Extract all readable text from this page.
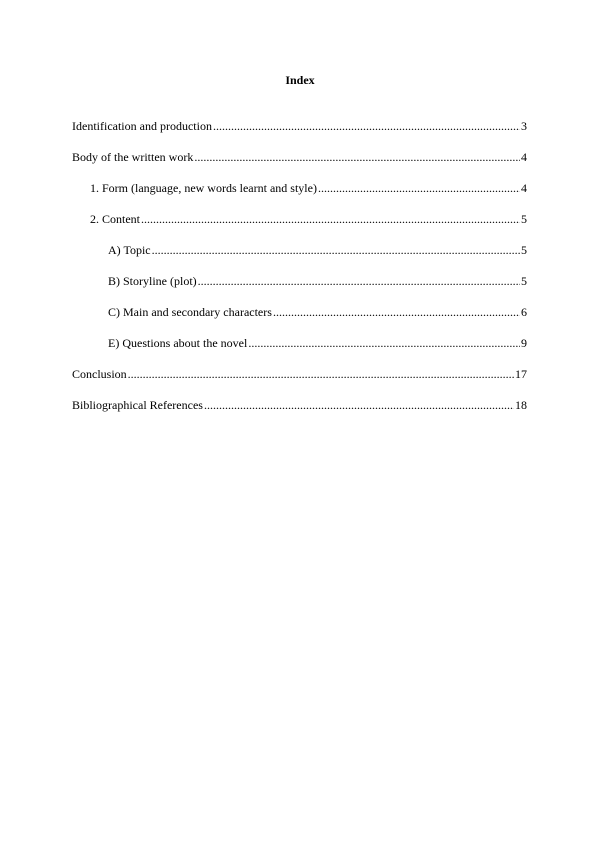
Index
Identification and production .....	3
Body of the written work .....	4
1. Form (language, new words learnt and style) .....	4
2. Content .....	5
A) Topic .....	5
B) Storyline (plot) .....	5
C) Main and secondary characters .....	6
E) Questions about the novel .....	9
Conclusion .....	17
Bibliographical References .....	18
